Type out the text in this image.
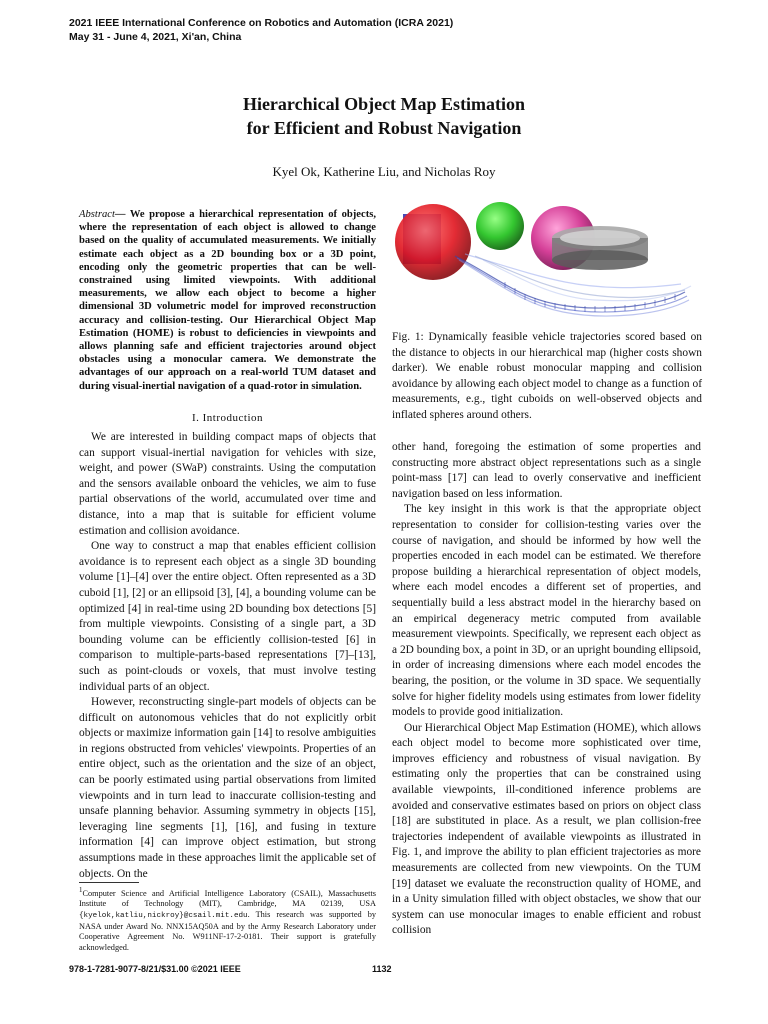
2021 IEEE International Conference on Robotics and Automation (ICRA 2021)
May 31 - June 4, 2021, Xi'an, China
Hierarchical Object Map Estimation
for Efficient and Robust Navigation
Kyel Ok, Katherine Liu, and Nicholas Roy
Abstract— We propose a hierarchical representation of objects, where the representation of each object is allowed to change based on the quality of accumulated measurements. We initially estimate each object as a 2D bounding box or a 3D point, encoding only the geometric properties that can be well-constrained using limited viewpoints. With additional measurements, we allow each object to become a higher dimensional 3D volumetric model for improved reconstruction accuracy and collision-testing. Our Hierarchical Object Map Estimation (HOME) is robust to deficiencies in viewpoints and allows planning safe and efficient trajectories around object obstacles using a monocular camera. We demonstrate the advantages of our approach on a real-world TUM dataset and during visual-inertial navigation of a quad-rotor in simulation.
I. Introduction

We are interested in building compact maps of objects that can support visual-inertial navigation for vehicles with size, weight, and power (SWaP) constraints. Using the computation and the sensors available onboard the vehicles, we aim to fuse partial observations of the world, accumulated over time and distance, into a map that is suitable for efficient volume estimation and collision avoidance.

One way to construct a map that enables efficient collision avoidance is to represent each object as a single 3D bounding volume [1]–[4] over the entire object. Often represented as a 3D cuboid [1], [2] or an ellipsoid [3], [4], a bounding volume can be optimized [4] in real-time using 2D bounding box detections [5] from multiple viewpoints. Consisting of a single part, a 3D bounding volume can be efficiently collision-tested [6] in comparison to multiple-parts-based representations [7]–[13], such as point-clouds or voxels, that must involve testing individual parts of an object.

However, reconstructing single-part models of objects can be difficult on autonomous vehicles that do not explicitly orbit objects or maximize information gain [14] to resolve ambiguities in regions obstructed from vehicles' viewpoints. Properties of an entire object, such as the orientation and the size of an object, can be poorly estimated using partial observations from limited viewpoints and in turn lead to inaccurate collision-testing and unsafe planning behavior. Assuming symmetry in objects [15], leveraging line segments [1], [16], and fusing in texture information [4] can improve object estimation, but strong assumptions made in these approaches limit the applicable set of objects. On the

Fig. 1: Dynamically feasible vehicle trajectories scored based on the distance to objects in our hierarchical map (higher costs shown darker). We enable robust monocular mapping and collision avoidance by allowing each object model to change as a function of measurements, e.g., tight cuboids on well-observed objects and inflated spheres around others.

other hand, foregoing the estimation of some properties and constructing more abstract object representations such as a single point-mass [17] can lead to overly conservative and inefficient navigation based on less information.

The key insight in this work is that the appropriate object representation to consider for collision-testing varies over the course of navigation, and should be informed by how well the properties encoded in each model can be estimated. We therefore propose building a hierarchical representation of object models, where each model encodes a different set of properties, and sequentially build a less abstract model in the hierarchy based on an empirical degeneracy metric computed from available measurement viewpoints. Specifically, we represent each object as a 2D bounding box, a point in 3D, or an upright bounding ellipsoid, in order of increasing dimensions where each model encodes the bearing, the position, or the volume in 3D space. We sequentially solve for higher fidelity models using estimates from lower fidelity models to provide good initialization.

Our Hierarchical Object Map Estimation (HOME), which allows each object model to become more sophisticated over time, improves efficiency and robustness of visual navigation. By estimating only the properties that can be constrained using available viewpoints, ill-conditioned inference problems are avoided and conservative estimates based on priors on object class [18] are substituted in place. As a result, we plan collision-free trajectories independent of available viewpoints as illustrated in Fig. 1, and improve the ability to plan efficient trajectories as more measurements are collected from new viewpoints. On the TUM [19] dataset we evaluate the reconstruction quality of HOME, and in a Unity simulation filled with object obstacles, we show that our system can use monocular images to enable efficient and robust collision

$^1$Computer Science and Artificial Intelligence Laboratory (CSAIL), Massachusetts Institute of Technology (MIT), Cambridge, MA 02139, USA {kyelok,katliu,nickroy}@csail.mit.edu. This research was supported by NASA under Award No. NNX15AQ50A and by the Army Research Laboratory under Cooperative Agreement No. W911NF-17-2-0181. Their support is gratefully acknowledged.
978-1-7281-9077-8/21/$31.00 ©2021 IEEE	1132
